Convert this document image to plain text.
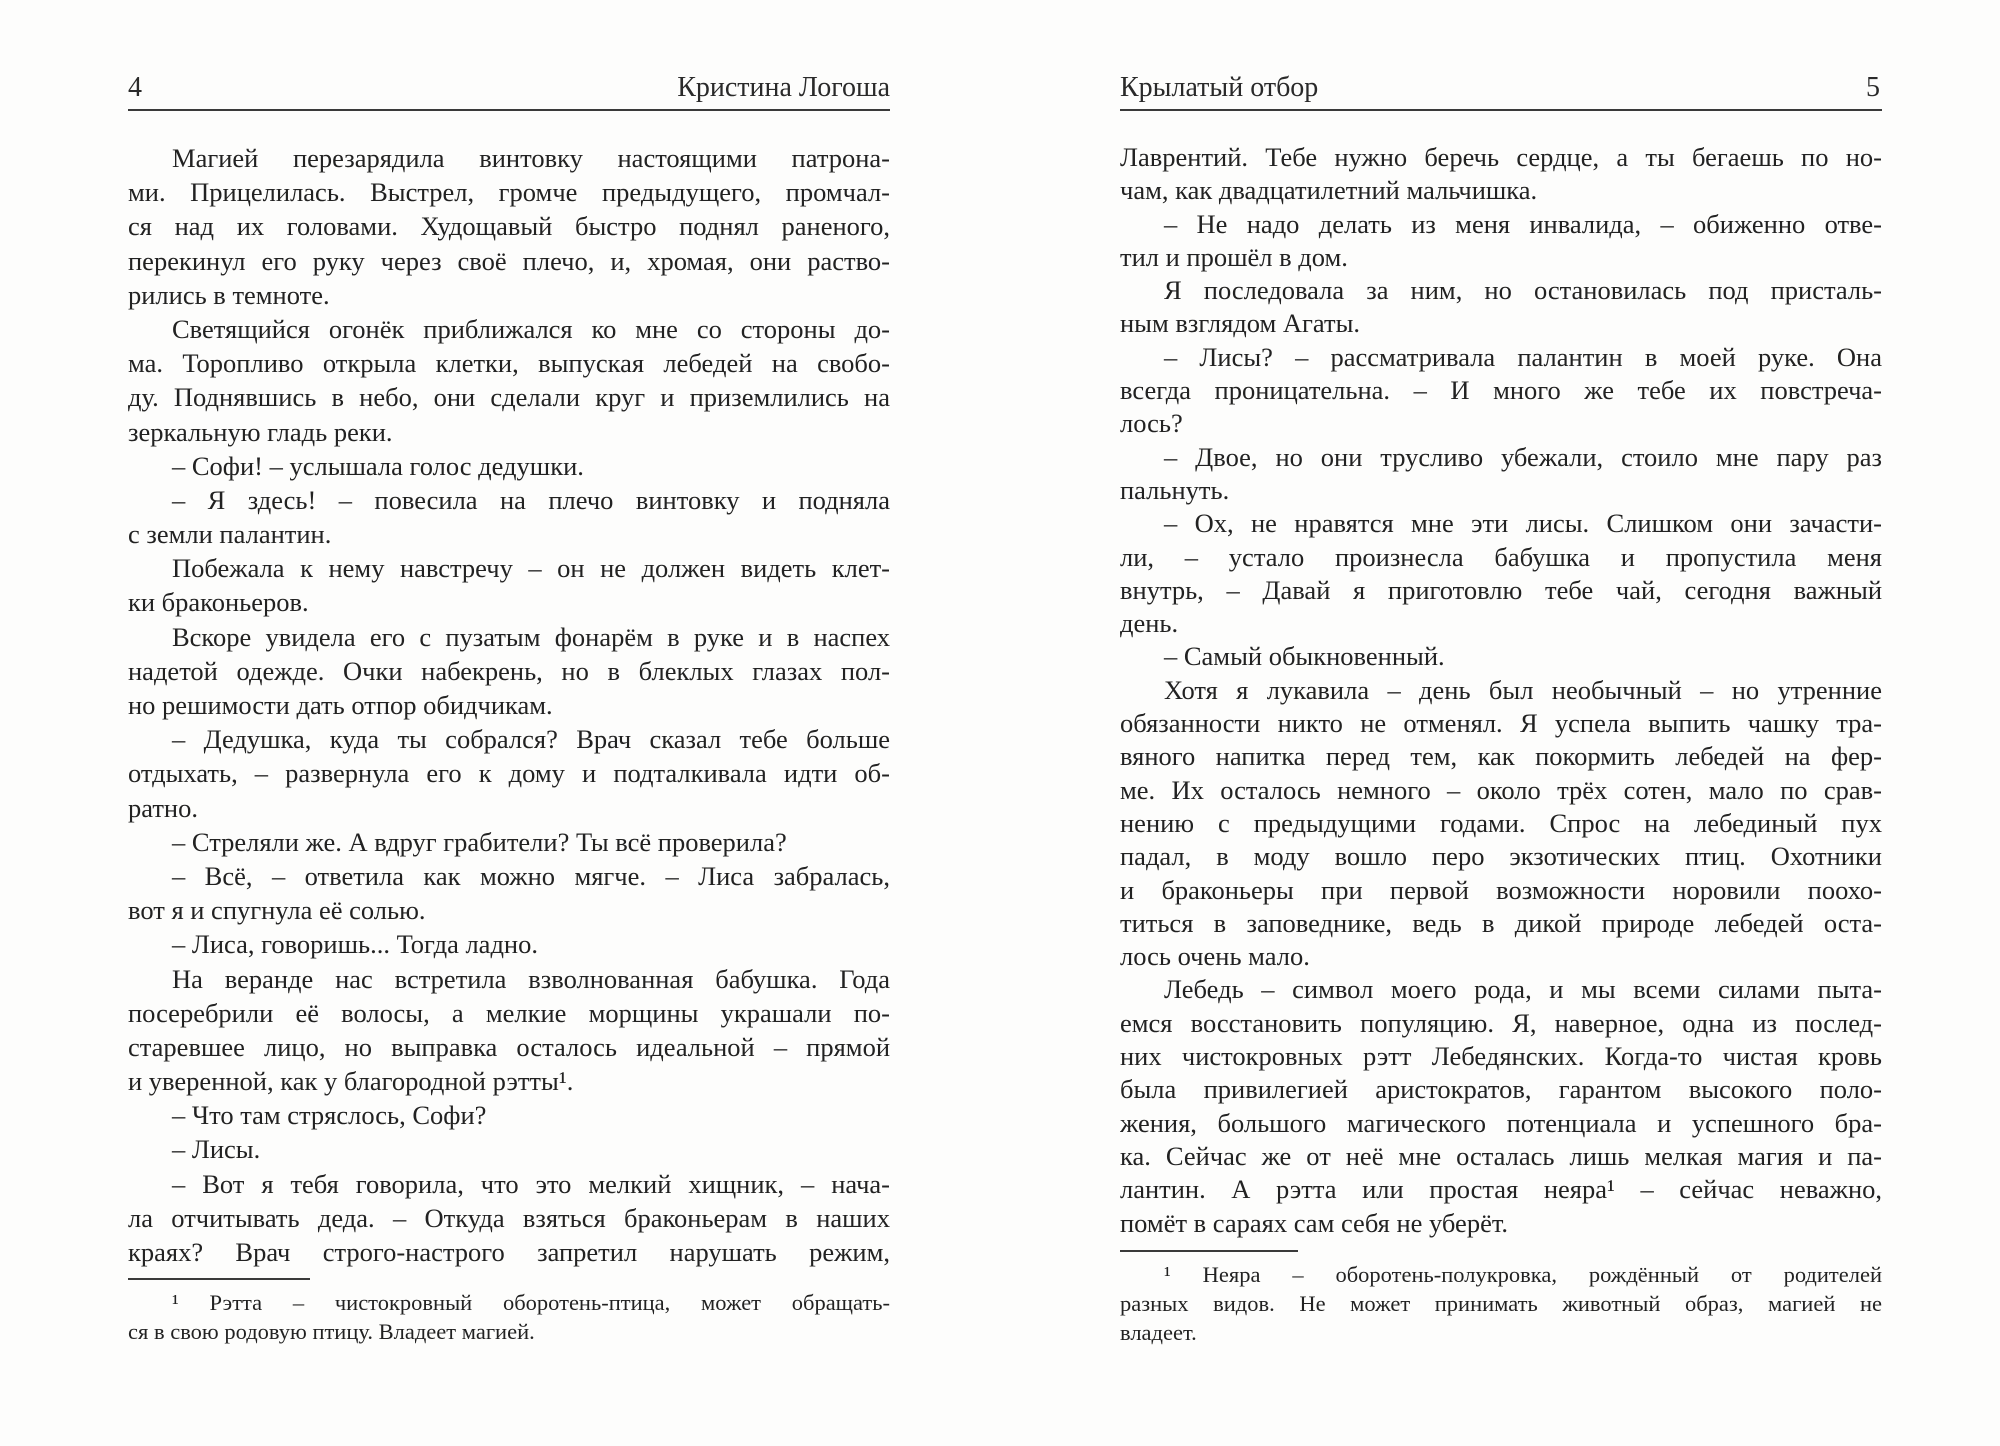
4	Кристина Логоша
Магией перезарядила винтовку настоящими патрона-
ми. Прицелилась. Выстрел, громче предыдущего, промчал-
ся над их головами. Худощавый быстро поднял раненого,
перекинул его руку через своё плечо, и, хромая, они раство-
рились в темноте.
Светящийся огонёк приближался ко мне со стороны до-
ма. Торопливо открыла клетки, выпуская лебедей на свобо-
ду. Поднявшись в небо, они сделали круг и приземлились на
зеркальную гладь реки.
– Софи! – услышала голос дедушки.
– Я здесь! – повесила на плечо винтовку и подняла
с земли палантин.
Побежала к нему навстречу – он не должен видеть клет-
ки браконьеров.
Вскоре увидела его с пузатым фонарём в руке и в наспех
надетой одежде. Очки набекрень, но в блеклых глазах пол-
но решимости дать отпор обидчикам.
– Дедушка, куда ты собрался? Врач сказал тебе больше
отдыхать, – развернула его к дому и подталкивала идти об-
ратно.
– Стреляли же. А вдруг грабители? Ты всё проверила?
– Всё, – ответила как можно мягче. – Лиса забралась,
вот я и спугнула её солью.
– Лиса, говоришь... Тогда ладно.
На веранде нас встретила взволнованная бабушка. Года
посеребрили её волосы, а мелкие морщины украшали по-
старевшее лицо, но выправка осталось идеальной – прямой
и уверенной, как у благородной рэтты¹.
– Что там стряслось, Софи?
– Лисы.
– Вот я тебя говорила, что это мелкий хищник, – нача-
ла отчитывать деда. – Откуда взяться браконьерам в наших
краях? Врач строго-настрого запретил нарушать режим,
¹ Рэтта – чистокровный оборотень-птица, может обращать-
ся в свою родовую птицу. Владеет магией.
Крылатый отбор	5
Лаврентий. Тебе нужно беречь сердце, а ты бегаешь по но-
чам, как двадцатилетний мальчишка.
– Не надо делать из меня инвалида, – обиженно отве-
тил и прошёл в дом.
Я последовала за ним, но остановилась под присталь-
ным взглядом Агаты.
– Лисы? – рассматривала палантин в моей руке. Она
всегда проницательна. – И много же тебе их повстреча-
лось?
– Двое, но они трусливо убежали, стоило мне пару раз
пальнуть.
– Ох, не нравятся мне эти лисы. Слишком они зачасти-
ли, – устало произнесла бабушка и пропустила меня
внутрь, – Давай я приготовлю тебе чай, сегодня важный
день.
– Самый обыкновенный.
Хотя я лукавила – день был необычный – но утренние
обязанности никто не отменял. Я успела выпить чашку тра-
вяного напитка перед тем, как покормить лебедей на фер-
ме. Их осталось немного – около трёх сотен, мало по срав-
нению с предыдущими годами. Спрос на лебединый пух
падал, в моду вошло перо экзотических птиц. Охотники
и браконьеры при первой возможности норовили поохо-
титься в заповеднике, ведь в дикой природе лебедей оста-
лось очень мало.
Лебедь – символ моего рода, и мы всеми силами пыта-
емся восстановить популяцию. Я, наверное, одна из послед-
них чистокровных рэтт Лебедянских. Когда-то чистая кровь
была привилегией аристократов, гарантом высокого поло-
жения, большого магического потенциала и успешного бра-
ка. Сейчас же от неё мне осталась лишь мелкая магия и па-
лантин. А рэтта или простая неяра¹ – сейчас неважно,
помёт в сараях сам себя не уберёт.
¹ Неяра – оборотень-полукровка, рождённый от родителей
разных видов. Не может принимать животный образ, магией не
владеет.
